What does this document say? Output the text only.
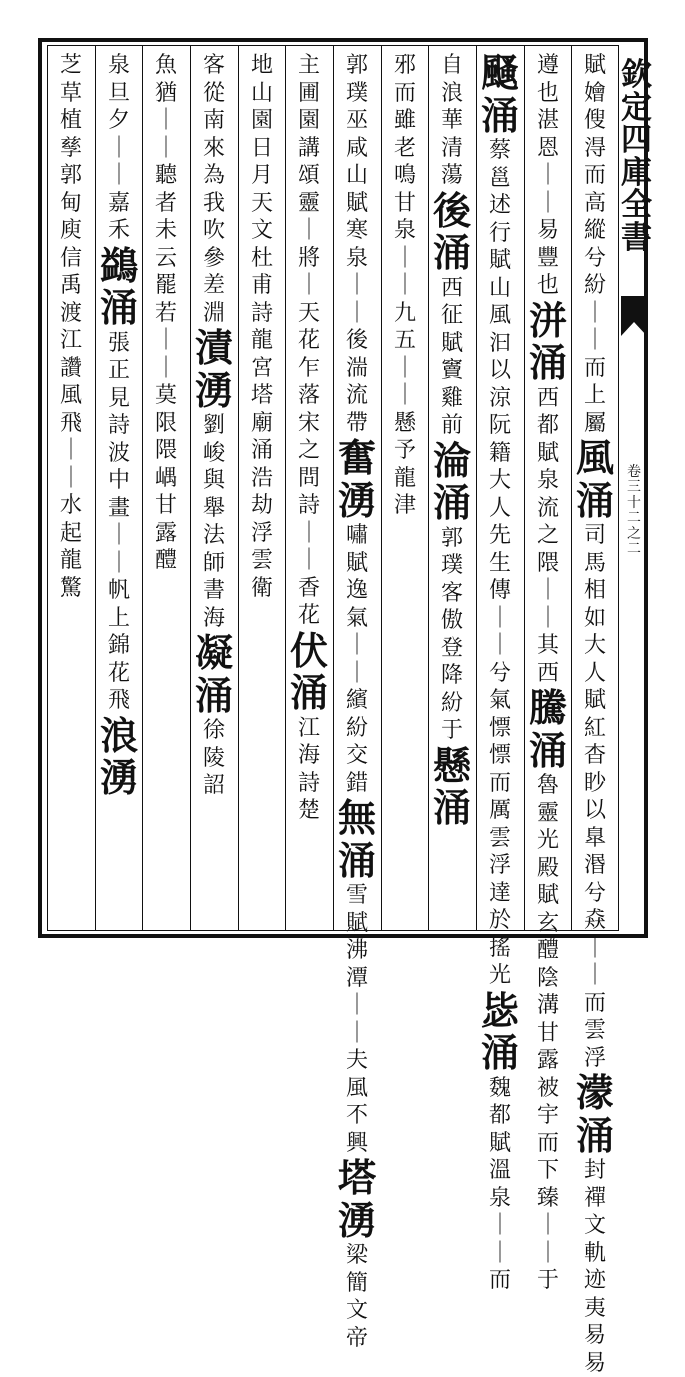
欽定四庫全書
卷三十二之二
賦
嬒
傁
淂
而
高
縱
兮
紛
｜
｜
而
上
屬
風
涌
司
馬
相
如
大
人
賦
紅
杳
眇
以
臯
湣
兮
猋
｜
｜
而
雲
浮
濛
涌
封
禪
文
軌
迹
夷
易
易
遵
也
湛
恩
｜
｜
易
豐
也
洴
涌
西
都
賦
泉
流
之
隈
｜
｜
其
西
騰
涌
魯
靈
光
殿
賦
玄
醴
陰
溝
甘
露
被
宇
而
下
臻
｜
｜
于
颾
涌
蔡
邕
述
行
賦
山
風
汩
以
涼
阮
籍
大
人
先
生
傳
｜
｜
兮
氣
慓
慓
而
厲
雲
浮
達
於
搖
光
毖
涌
魏
都
賦
溫
泉
｜
｜
而
自
浪
華
清
蕩
後
涌
西
征
賦
竇
雞
前
淪
涌
郭
璞
客
傲
登
降
紛
于
懸
涌
邪
而
雖
老
鳴
甘
泉
｜
｜
九
五
｜
｜
懸
予
龍
津
郭
璞
巫
咸
山
賦
寒
泉
｜
｜
後
湍
流
帶
奮
湧
嘯
賦
逸
氣
｜
｜
繽
紛
交
錯
無
涌
雪
賦
沸
潭
｜
｜
夫
風
不
興
塔
湧
梁
簡
文
帝
主
圃
園
講
頌
靈
｜
將
｜
天
花
乍
落
宋
之
問
詩
｜
｜
香
花
伏
涌
江
海
詩
楚
地
山
園
日
月
天
文
杜
甫
詩
龍
宮
塔
廟
涌
浩
劫
浮
雲
衛
客
從
南
來
為
我
吹
參
差
淵
漬
湧
劉
峻
與
舉
法
師
書
海
凝
涌
徐
陵
詔
魚
猶
｜
｜
聽
者
未
云
罷
若
｜
｜
莫
限
隈
嵎
甘
露
醴
泉
旦
夕
｜
｜
嘉
禾
鷁
涌
張
正
見
詩
波
中
畫
｜
｜
帆
上
錦
花
飛
浪
湧
芝
草
植
孳
郭
甸
庾
信
禹
渡
江
讚
風
飛
｜
｜
水
起
龍
驚
